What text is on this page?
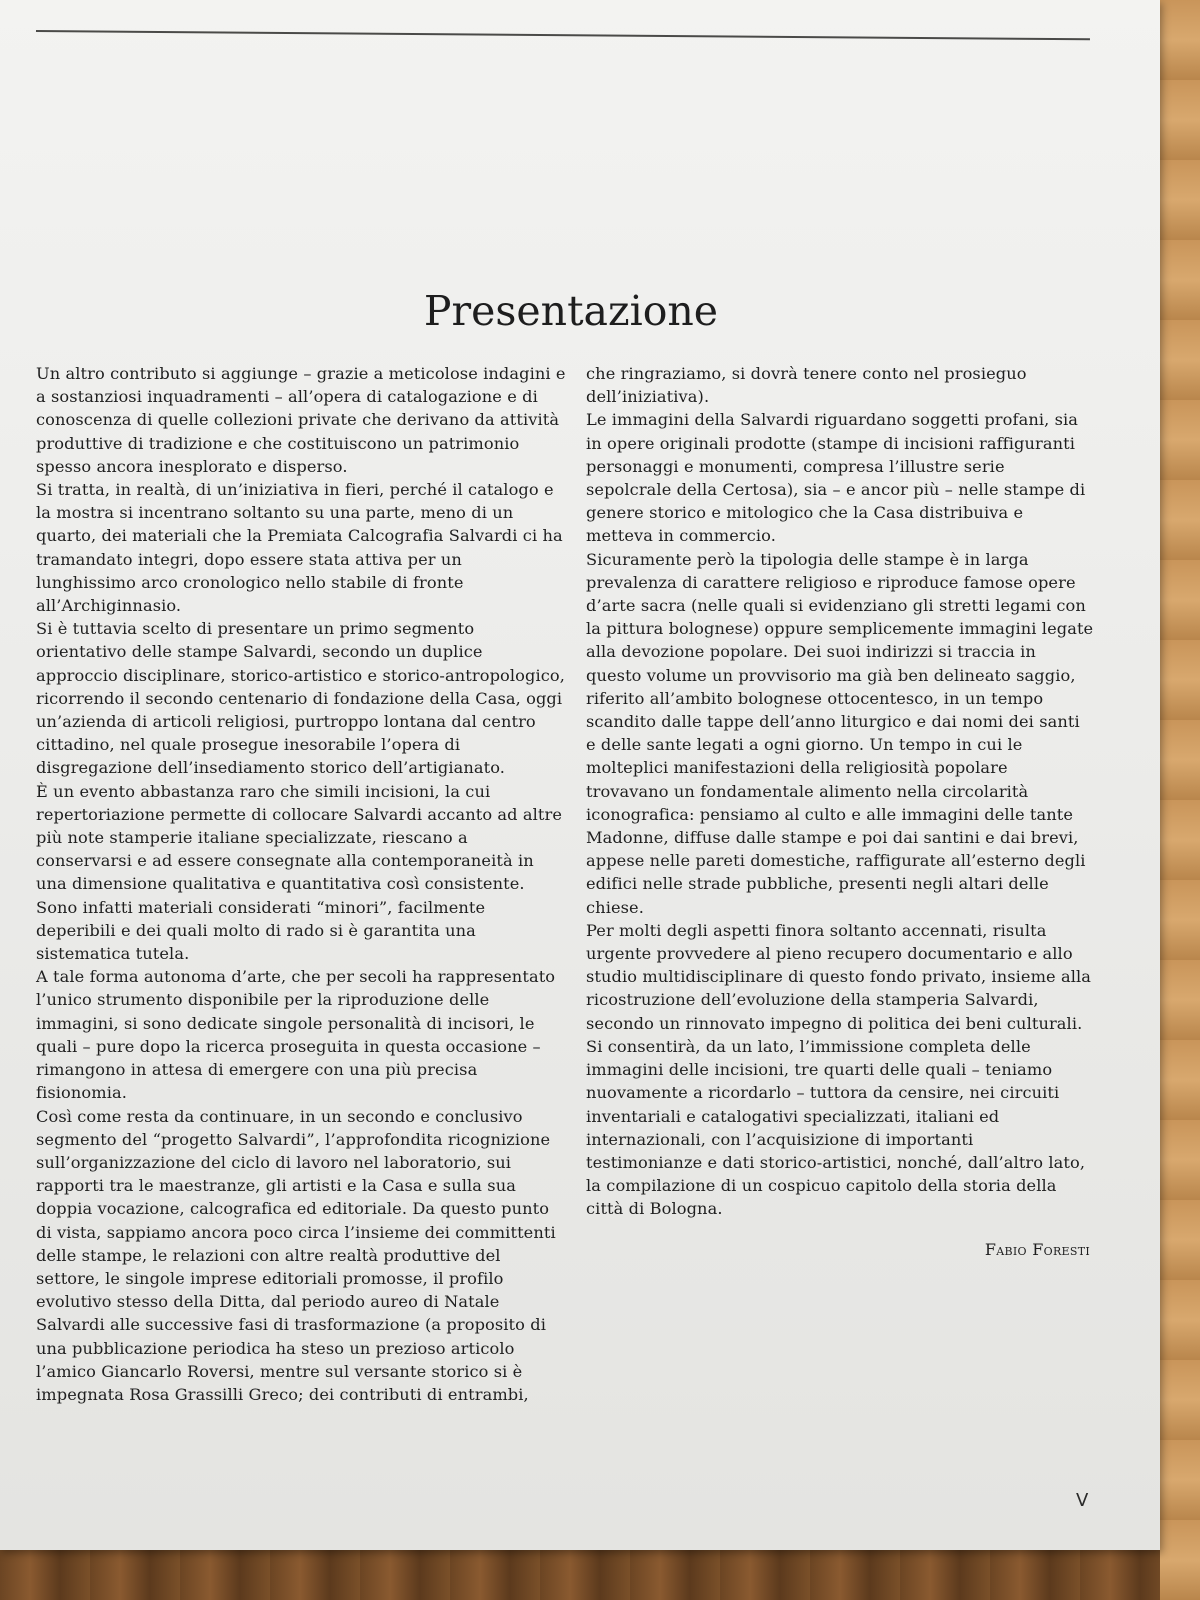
Presentazione

Un altro contributo si aggiunge – grazie a meticolose indagini e a sostanziosi inquadramenti – all’opera di catalogazione e di conoscenza di quelle collezioni private che derivano da attività produttive di tradizione e che costituiscono un patrimonio spesso ancora inesplorato e disperso.

Si tratta, in realtà, di un’iniziativa in fieri, perché il catalogo e la mostra si incentrano soltanto su una parte, meno di un quarto, dei materiali che la Premiata Calcografia Salvardi ci ha tramandato integri, dopo essere stata attiva per un lunghissimo arco cronologico nello stabile di fronte all’Archiginnasio.

Si è tuttavia scelto di presentare un primo segmento orientativo delle stampe Salvardi, secondo un duplice approccio disciplinare, storico-artistico e storico-antropologico, ricorrendo il secondo centenario di fondazione della Casa, oggi un’azienda di articoli religiosi, purtroppo lontana dal centro cittadino, nel quale prosegue inesorabile l’opera di disgregazione dell’insediamento storico dell’artigianato.

È un evento abbastanza raro che simili incisioni, la cui repertoriazione permette di collocare Salvardi accanto ad altre più note stamperie italiane specializzate, riescano a conservarsi e ad essere consegnate alla contemporaneità in una dimensione qualitativa e quantitativa così consistente. Sono infatti materiali considerati “minori”, facilmente deperibili e dei quali molto di rado si è garantita una sistematica tutela.

A tale forma autonoma d’arte, che per secoli ha rappresentato l’unico strumento disponibile per la riproduzione delle immagini, si sono dedicate singole personalità di incisori, le quali – pure dopo la ricerca proseguita in questa occasione – rimangono in attesa di emergere con una più precisa fisionomia.

Così come resta da continuare, in un secondo e conclusivo segmento del “progetto Salvardi”, l’approfondita ricognizione sull’organizzazione del ciclo di lavoro nel laboratorio, sui rapporti tra le maestranze, gli artisti e la Casa e sulla sua doppia vocazione, calcografica ed editoriale. Da questo punto di vista, sappiamo ancora poco circa l’insieme dei committenti delle stampe, le relazioni con altre realtà produttive del settore, le singole imprese editoriali promosse, il profilo evolutivo stesso della Ditta, dal periodo aureo di Natale Salvardi alle successive fasi di trasformazione (a proposito di una pubblicazione periodica ha steso un prezioso articolo l’amico Giancarlo Roversi, mentre sul versante storico si è impegnata Rosa Grassilli Greco; dei contributi di entrambi,

che ringraziamo, si dovrà tenere conto nel prosieguo dell’iniziativa).

Le immagini della Salvardi riguardano soggetti profani, sia in opere originali prodotte (stampe di incisioni raffiguranti personaggi e monumenti, compresa l’illustre serie sepolcrale della Certosa), sia – e ancor più – nelle stampe di genere storico e mitologico che la Casa distribuiva e metteva in commercio.

Sicuramente però la tipologia delle stampe è in larga prevalenza di carattere religioso e riproduce famose opere d’arte sacra (nelle quali si evidenziano gli stretti legami con la pittura bolognese) oppure semplicemente immagini legate alla devozione popolare. Dei suoi indirizzi si traccia in questo volume un provvisorio ma già ben delineato saggio, riferito all’ambito bolognese ottocentesco, in un tempo scandito dalle tappe dell’anno liturgico e dai nomi dei santi e delle sante legati a ogni giorno. Un tempo in cui le molteplici manifestazioni della religiosità popolare trovavano un fondamentale alimento nella circolarità iconografica: pensiamo al culto e alle immagini delle tante Madonne, diffuse dalle stampe e poi dai santini e dai brevi, appese nelle pareti domestiche, raffigurate all’esterno degli edifici nelle strade pubbliche, presenti negli altari delle chiese.

Per molti degli aspetti finora soltanto accennati, risulta urgente provvedere al pieno recupero documentario e allo studio multidisciplinare di questo fondo privato, insieme alla ricostruzione dell’evoluzione della stamperia Salvardi, secondo un rinnovato impegno di politica dei beni culturali. Si consentirà, da un lato, l’immissione completa delle immagini delle incisioni, tre quarti delle quali – teniamo nuovamente a ricordarlo – tuttora da censire, nei circuiti inventariali e catalogativi specializzati, italiani ed internazionali, con l’acquisizione di importanti testimonianze e dati storico-artistici, nonché, dall’altro lato, la compilazione di un cospicuo capitolo della storia della città di Bologna.

Fabio Foresti
V
